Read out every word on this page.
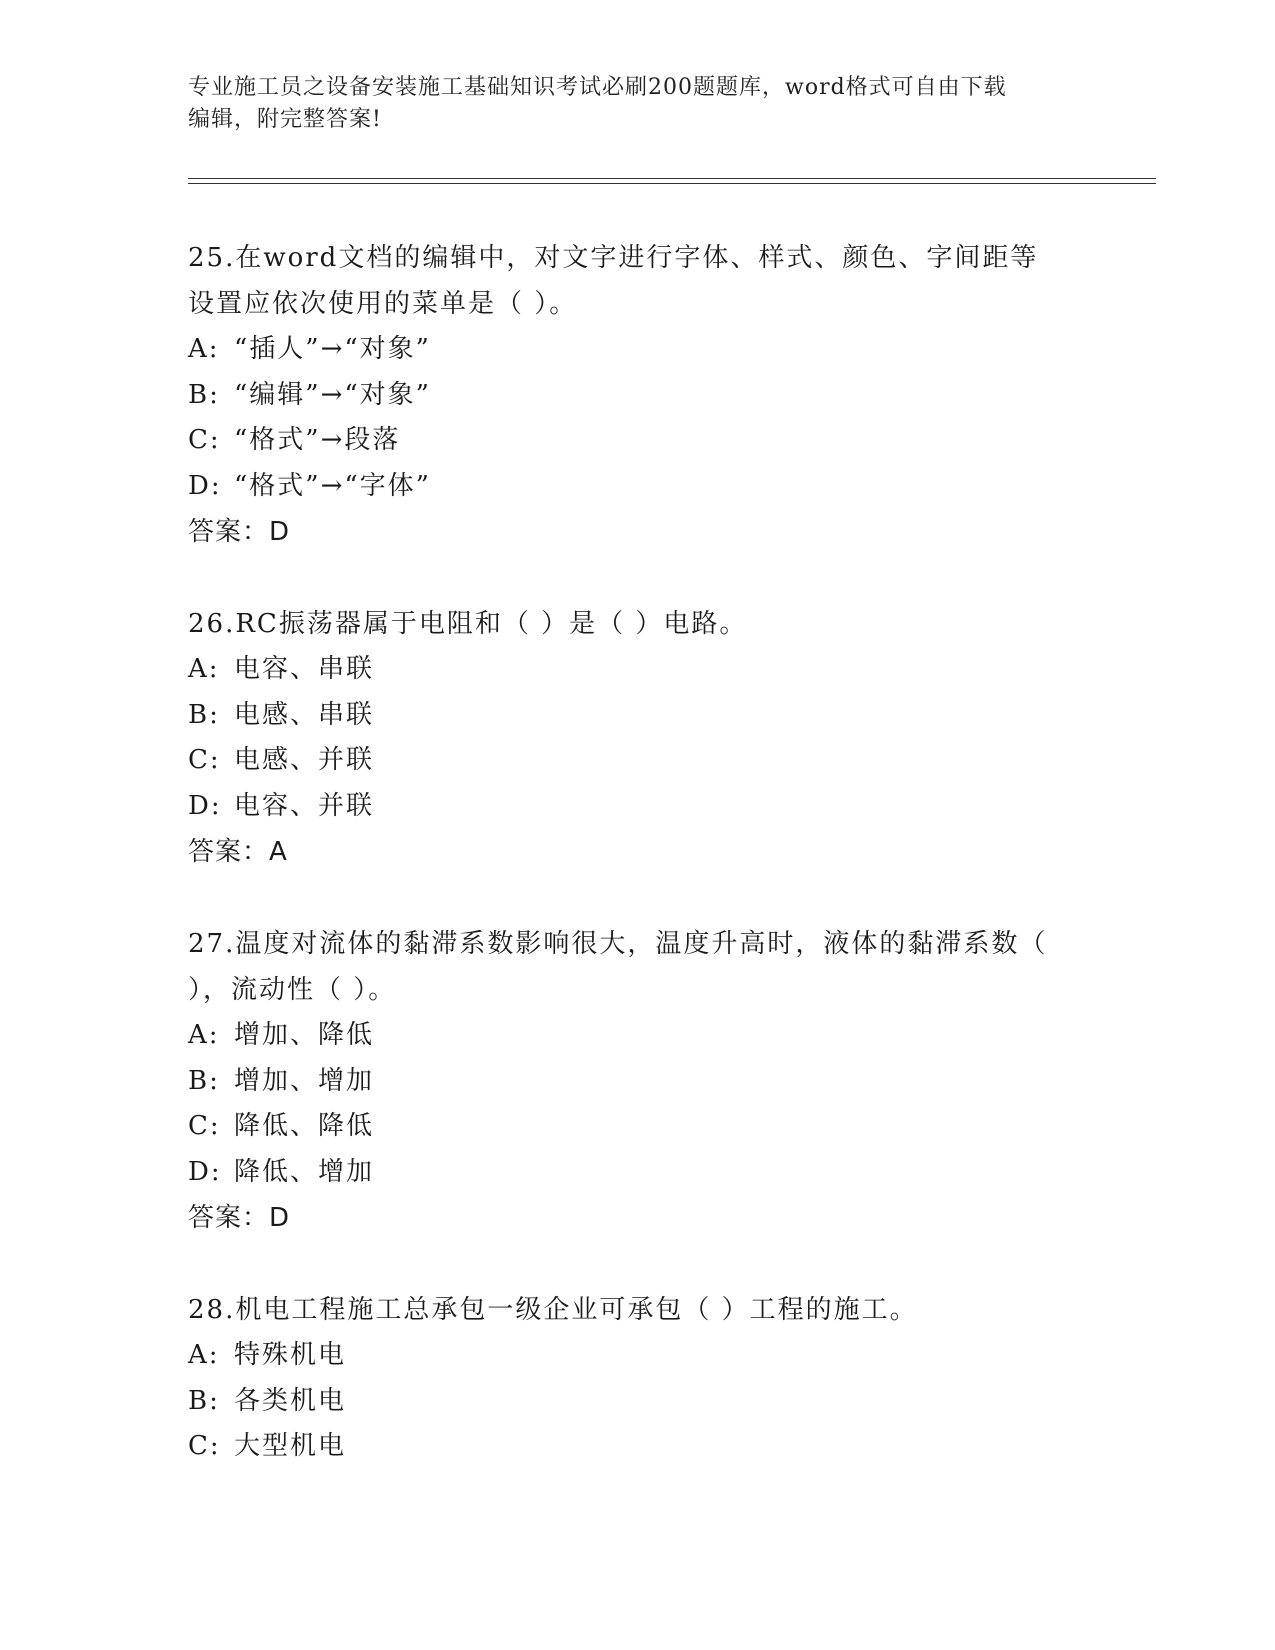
专业施工员之设备安装施工基础知识考试必刷200题题库，word格式可自由下载
编辑，附完整答案!
25.在word文档的编辑中，对文字进行字体、样式、颜色、字间距等
设置应依次使用的菜单是（ ）。
A: “插人”→“对象”
B: “编辑”→“对象”
C: “格式”→段落
D: “格式”→“字体”
答案：D
26.RC振荡器属于电阻和（ ）是（ ）电路。
A: 电容、串联
B: 电感、串联
C: 电感、并联
D: 电容、并联
答案：A
27.温度对流体的黏滞系数影响很大，温度升高时，液体的黏滞系数（
），流动性（ ）。
A: 增加、降低
B: 增加、增加
C: 降低、降低
D: 降低、增加
答案：D
28.机电工程施工总承包一级企业可承包（ ）工程的施工。
A: 特殊机电
B: 各类机电
C: 大型机电
